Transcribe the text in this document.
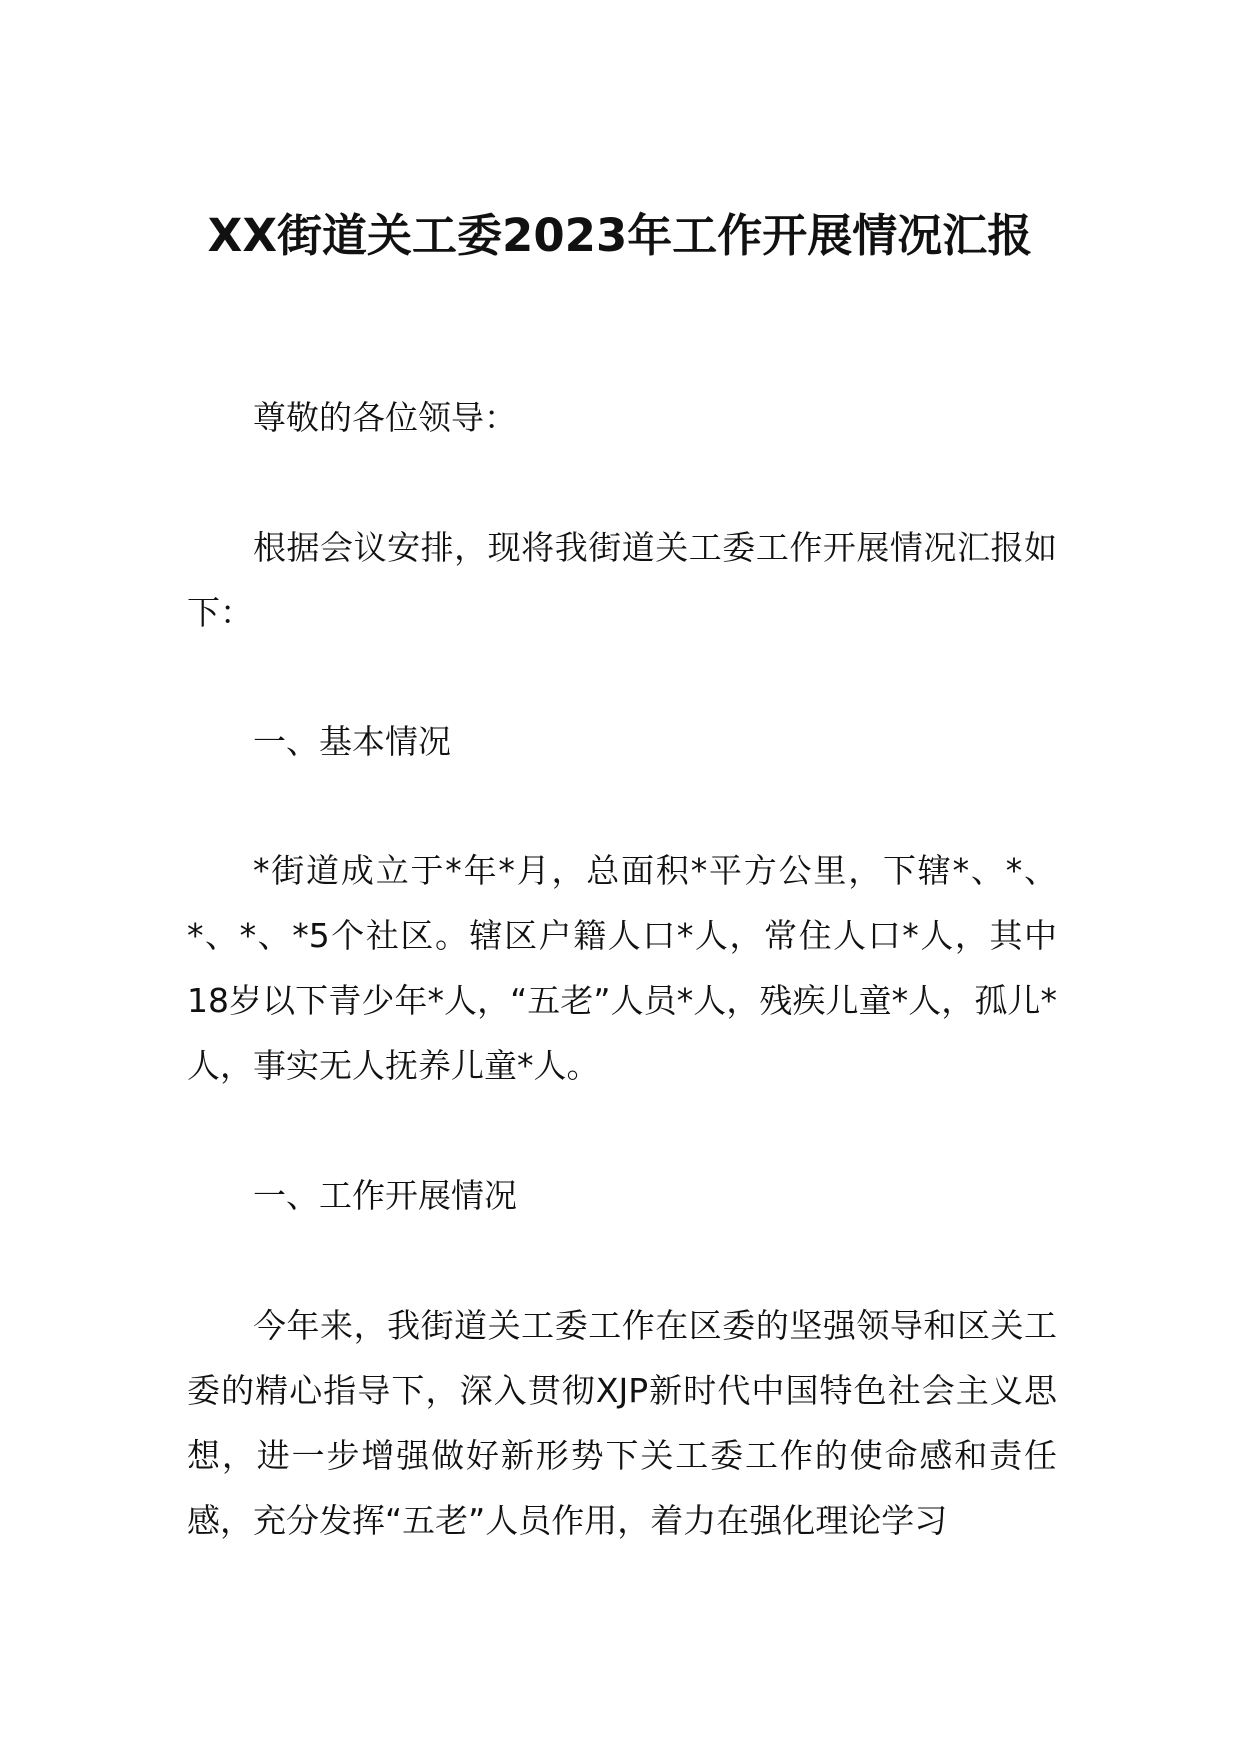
XX街道关工委2023年工作开展情况汇报

尊敬的各位领导：

根据会议安排，现将我街道关工委工作开展情况汇报如下：

一、基本情况

*街道成立于*年*月，总面积*平方公里，下辖*、*、*、*、*5个社区。辖区户籍人口*人，常住人口*人，其中18岁以下青少年*人，“五老”人员*人，残疾儿童*人，孤儿*人，事实无人抚养儿童*人。

一、工作开展情况

今年来，我街道关工委工作在区委的坚强领导和区关工委的精心指导下，深入贯彻XJP新时代中国特色社会主义思想，进一步增强做好新形势下关工委工作的使命感和责任感，充分发挥“五老”人员作用，着力在强化理论学习
